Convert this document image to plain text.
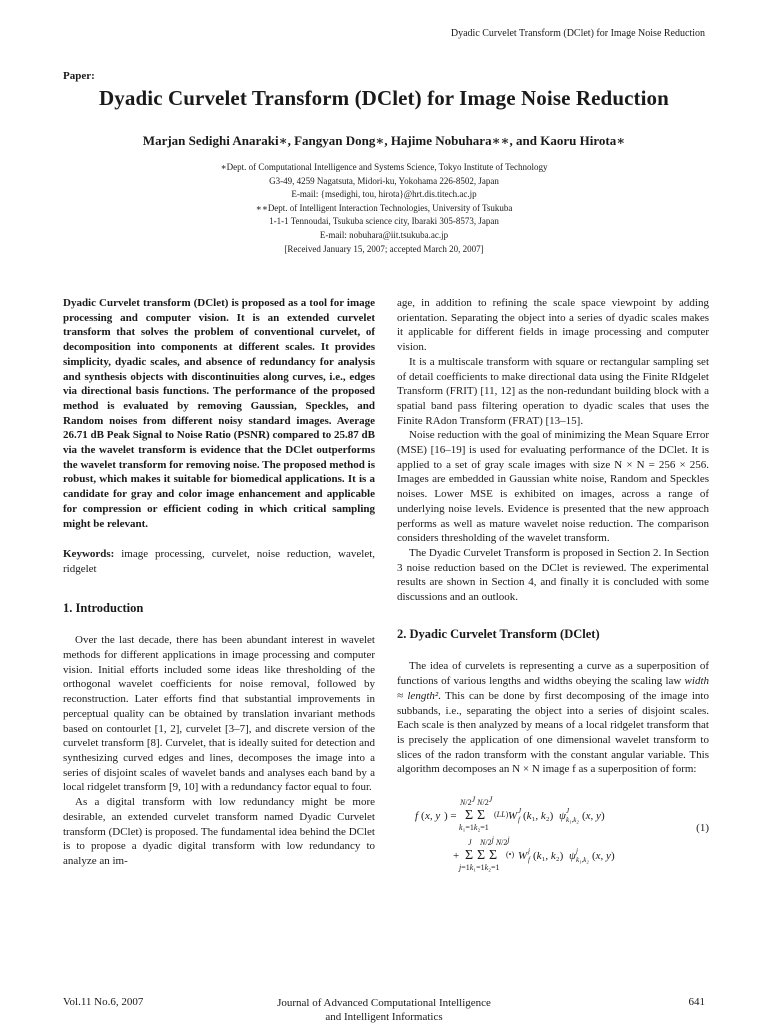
Dyadic Curvelet Transform (DClet) for Image Noise Reduction
Paper:
Dyadic Curvelet Transform (DClet) for Image Noise Reduction
Marjan Sedighi Anaraki∗, Fangyan Dong∗, Hajime Nobuhara∗∗, and Kaoru Hirota∗
∗Dept. of Computational Intelligence and Systems Science, Tokyo Institute of Technology
G3-49, 4259 Nagatsuta, Midori-ku, Yokohama 226-8502, Japan
E-mail: {msedighi, tou, hirota}@hrt.dis.titech.ac.jp
∗∗Dept. of Intelligent Interaction Technologies, University of Tsukuba
1-1-1 Tennoudai, Tsukuba science city, Ibaraki 305-8573, Japan
E-mail: nobuhara@iit.tsukuba.ac.jp
[Received January 15, 2007; accepted March 20, 2007]

Dyadic Curvelet transform (DClet) is proposed as a tool for image processing and computer vision. It is an extended curvelet transform that solves the problem of conventional curvelet, of decomposition into components at different scales. It provides simplicity, dyadic scales, and absence of redundancy for analysis and synthesis objects with discontinuities along curves, i.e., edges via directional basis functions. The performance of the proposed method is evaluated by removing Gaussian, Speckles, and Random noises from different noisy standard images. Average 26.71 dB Peak Signal to Noise Ratio (PSNR) compared to 25.87 dB via the wavelet transform is evidence that the DClet outperforms the wavelet transform for removing noise. The proposed method is robust, which makes it suitable for biomedical applications. It is a candidate for gray and color image enhancement and applicable for compression or efficient coding in which critical sampling might be relevant.

Keywords: image processing, curvelet, noise reduction, wavelet, ridgelet

1. Introduction

Over the last decade, there has been abundant interest in wavelet methods for different applications in image processing and computer vision. Initial efforts included some ideas like thresholding of the orthogonal wavelet coefficients for noise removal, followed by reconstruction. Later efforts find that substantial improvements in perceptual quality can be obtained by translation invariant methods based on contourlet [1, 2], curvelet [3–7], and discrete version of the curvelet transform [8]. Curvelet, that is ideally suited for detection and synthesizing curved edges and lines, decomposes the image into a series of disjoint scales of wavelet bands and analyses each band by a local ridgelet transform [9, 10] with a redundancy factor equal to four.

As a digital transform with low redundancy might be more desirable, an extended curvelet transform named Dyadic Curvelet transform (DClet) is proposed. The fundamental idea behind the DClet is to propose a dyadic digital transform with low redundancy to analyze an im-

age, in addition to refining the scale space viewpoint by adding orientation. Separating the object into a series of dyadic scales makes it applicable for different fields in image processing and computer vision.

It is a multiscale transform with square or rectangular sampling set of detail coefficients to make directional data using the Finite RIdgelet Transform (FRIT) [11, 12] as the non-redundant building block with a spatial band pass filtering operation to dyadic scales that uses the Finite RAdon Transform (FRAT) [13–15].

Noise reduction with the goal of minimizing the Mean Square Error (MSE) [16–19] is used for evaluating performance of the DClet. It is applied to a set of gray scale images with size N × N = 256 × 256. Images are embedded in Gaussian white noise, Random and Speckles noises. Lower MSE is exhibited on images, across a range of underlying noise levels. Evidence is presented that the new approach performs as well as mature wavelet noise reduction. The comparison considers thresholding of the wavelet transform.

The Dyadic Curvelet Transform is proposed in Section 2. In Section 3 noise reduction based on the DClet is reviewed. The experimental results are shown in Section 4, and finally it is concluded with some discussions and an outlook.

2. Dyadic Curvelet Transform (DClet)

The idea of curvelets is representing a curve as a superposition of functions of various lengths and widths obeying the scaling law width ≈ length². This can be done by first decomposing of the image into subbands, i.e., separating the object into a series of disjoint scales. Each scale is then analyzed by means of a local ridgelet transform that is precisely the application of one dimensional wavelet transform to slices of the radon transform with the constant angular variable. This algorithm decomposes an N × N image f as a superposition of form:

f ( x, y ) = Σ Σ
N/2J N/2J
k₁=1k₂=1
(LL) W f
J (k₁, k₂) ψ k₁,k₂
J (x, y)
+ Σ Σ Σ
J N/2j N/2j
j=1k₁=1k₂=1
(•) W f
j (k₁, k₂) ψ k₁,k₂
j (x, y)
(1)
Vol.11 No.6, 2007	Journal of Advanced Computational Intelligence
and Intelligent Informatics
641
